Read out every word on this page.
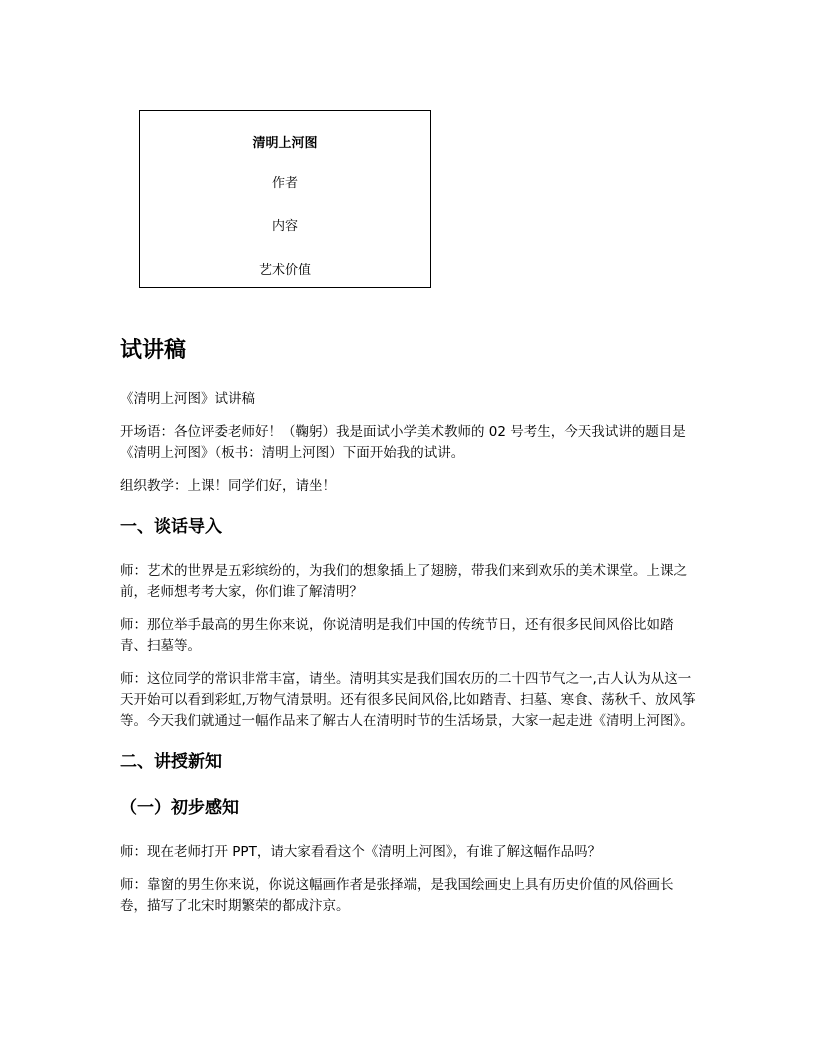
清明上河图
作者
内容
艺术价值
试讲稿

《清明上河图》试讲稿

开场语：各位评委老师好！（鞠躬）我是面试小学美术教师的 02 号考生，今天我试讲的题目是《清明上河图》（板书：清明上河图）下面开始我的试讲。

组织教学：上课！同学们好，请坐！

一、谈话导入

师：艺术的世界是五彩缤纷的，为我们的想象插上了翅膀，带我们来到欢乐的美术课堂。上课之前，老师想考考大家，你们谁了解清明？

师：那位举手最高的男生你来说，你说清明是我们中国的传统节日，还有很多民间风俗比如踏青、扫墓等。

师：这位同学的常识非常丰富，请坐。清明其实是我们国农历的二十四节气之一,古人认为从这一天开始可以看到彩虹,万物气清景明。还有很多民间风俗,比如踏青、扫墓、寒食、荡秋千、放风筝等。今天我们就通过一幅作品来了解古人在清明时节的生活场景，大家一起走进《清明上河图》。

二、讲授新知
（一）初步感知

师：现在老师打开 PPT，请大家看看这个《清明上河图》，有谁了解这幅作品吗？

师：靠窗的男生你来说，你说这幅画作者是张择端，是我国绘画史上具有历史价值的风俗画长卷，描写了北宋时期繁荣的都成汴京。
